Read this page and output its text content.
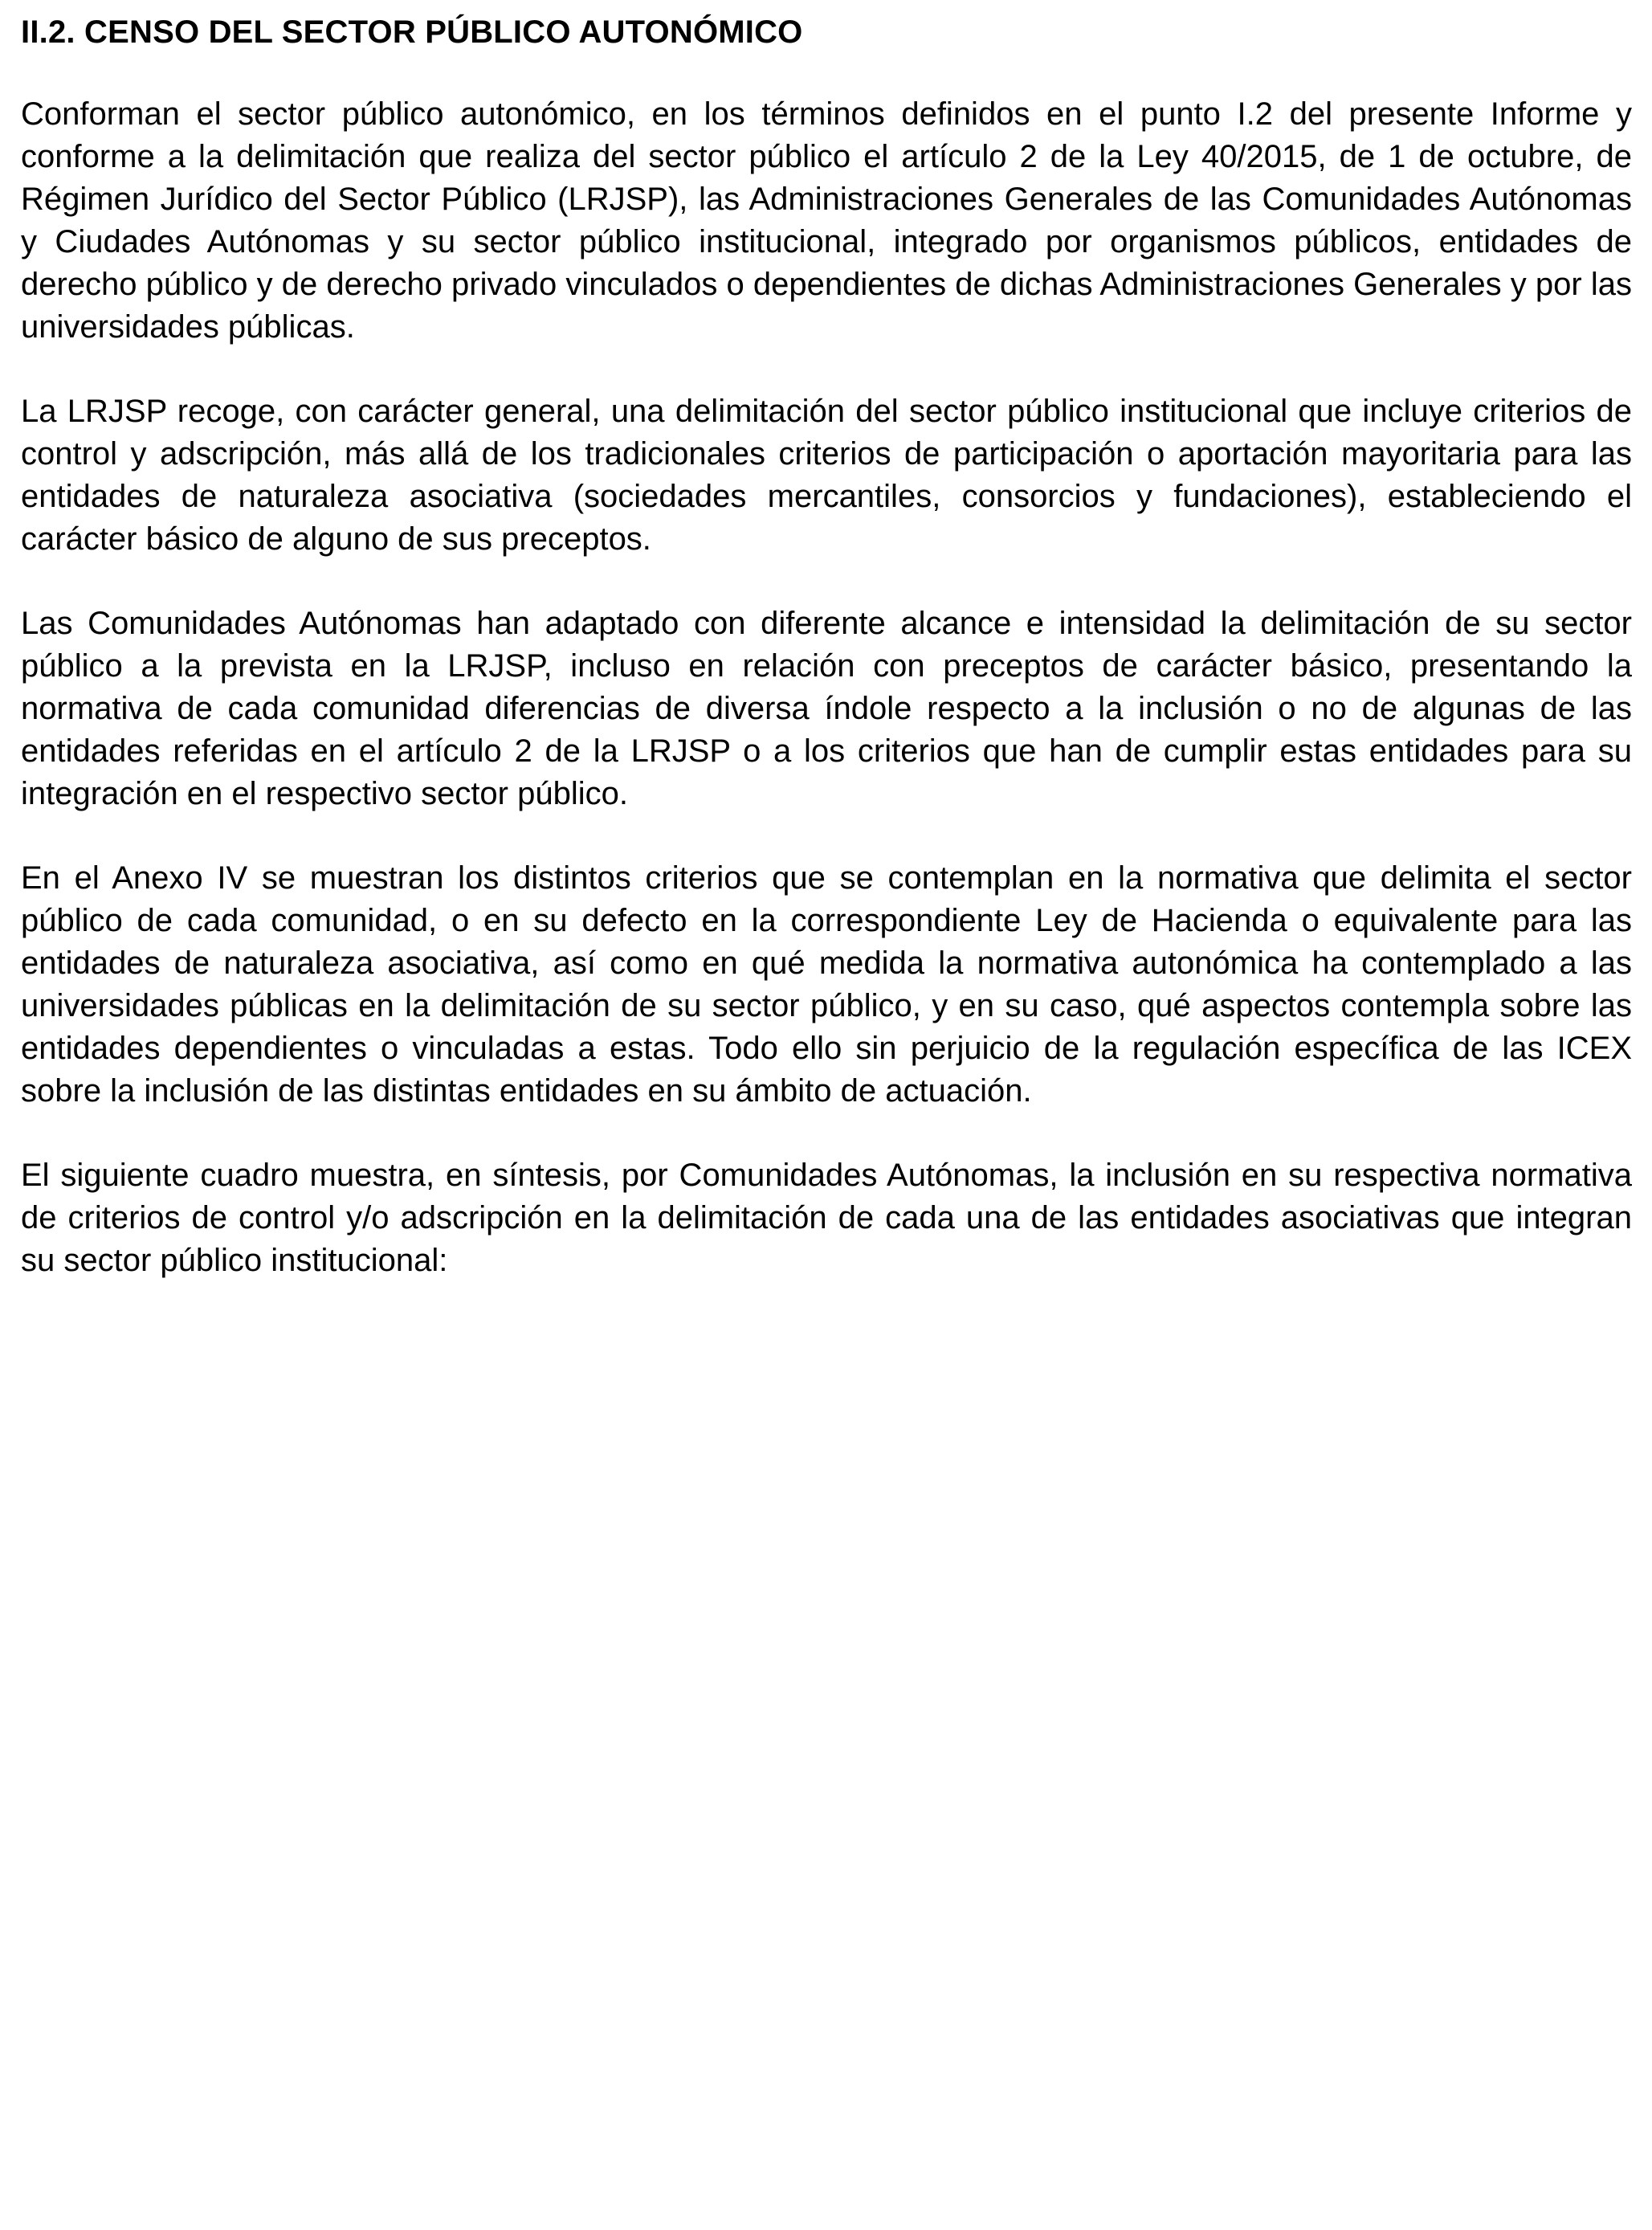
II.2. CENSO DEL SECTOR PÚBLICO AUTONÓMICO

Conforman el sector público autonómico, en los términos definidos en el punto I.2 del presente Informe y conforme a la delimitación que realiza del sector público el artículo 2 de la Ley 40/2015, de 1 de octubre, de Régimen Jurídico del Sector Público (LRJSP), las Administraciones Generales de las Comunidades Autónomas y Ciudades Autónomas y su sector público institucional, integrado por organismos públicos, entidades de derecho público y de derecho privado vinculados o dependientes de dichas Administraciones Generales y por las universidades públicas.

La LRJSP recoge, con carácter general, una delimitación del sector público institucional que incluye criterios de control y adscripción, más allá de los tradicionales criterios de participación o aportación mayoritaria para las entidades de naturaleza asociativa (sociedades mercantiles, consorcios y fundaciones), estableciendo el carácter básico de alguno de sus preceptos.

Las Comunidades Autónomas han adaptado con diferente alcance e intensidad la delimitación de su sector público a la prevista en la LRJSP, incluso en relación con preceptos de carácter básico, presentando la normativa de cada comunidad diferencias de diversa índole respecto a la inclusión o no de algunas de las entidades referidas en el artículo 2 de la LRJSP o a los criterios que han de cumplir estas entidades para su integración en el respectivo sector público.

En el Anexo IV se muestran los distintos criterios que se contemplan en la normativa que delimita el sector público de cada comunidad, o en su defecto en la correspondiente Ley de Hacienda o equivalente para las entidades de naturaleza asociativa, así como en qué medida la normativa autonómica ha contemplado a las universidades públicas en la delimitación de su sector público, y en su caso, qué aspectos contempla sobre las entidades dependientes o vinculadas a estas. Todo ello sin perjuicio de la regulación específica de las ICEX sobre la inclusión de las distintas entidades en su ámbito de actuación.

El siguiente cuadro muestra, en síntesis, por Comunidades Autónomas, la inclusión en su respectiva normativa de criterios de control y/o adscripción en la delimitación de cada una de las entidades asociativas que integran su sector público institucional:
